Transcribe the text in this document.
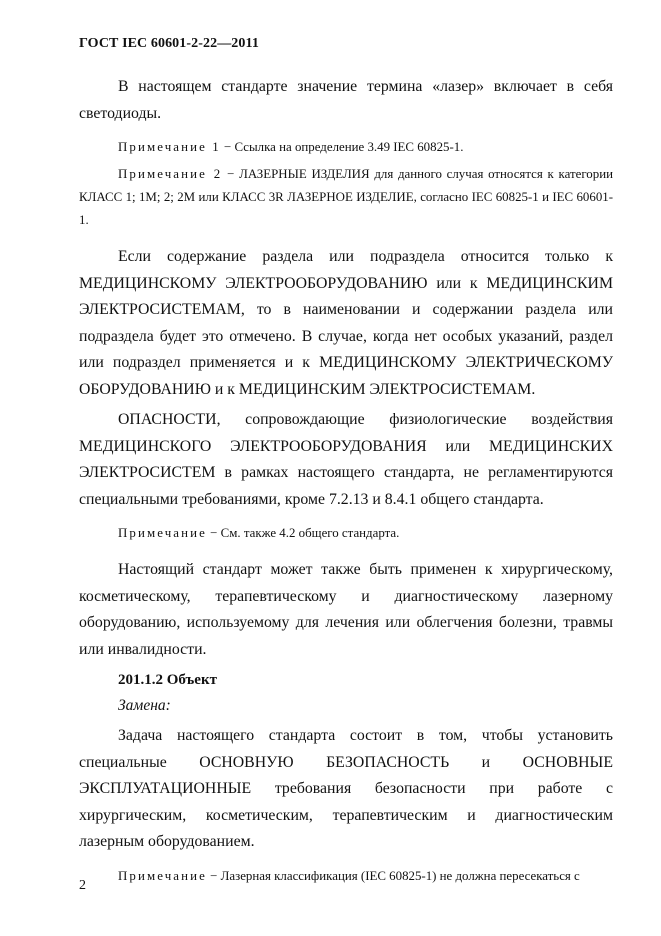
ГОСТ IEC 60601-2-22—2011

В настоящем стандарте значение термина «лазер» включает в себя светодиоды.

Примечание 1 − Ссылка на определение 3.49 IEC 60825-1.

Примечание 2 − ЛАЗЕРНЫЕ ИЗДЕЛИЯ для данного случая относятся к категории КЛАСС 1; 1М; 2; 2М или КЛАСС 3R ЛАЗЕРНОЕ ИЗДЕЛИЕ, согласно IEC 60825-1 и IEC 60601-1.

Если содержание раздела или подраздела относится только к МЕДИЦИНСКОМУ ЭЛЕКТРООБОРУДОВАНИЮ или к МЕДИЦИНСКИМ ЭЛЕКТРОСИСТЕМАМ, то в наименовании и содержании раздела или подраздела будет это отмечено. В случае, когда нет особых указаний, раздел или подраздел применяется и к МЕДИЦИНСКОМУ ЭЛЕКТРИЧЕСКОМУ ОБОРУДОВАНИЮ и к МЕДИЦИНСКИМ ЭЛЕКТРОСИСТЕМАМ.

ОПАСНОСТИ, сопровождающие физиологические воздействия МЕДИЦИНСКОГО ЭЛЕКТРООБОРУДОВАНИЯ или МЕДИЦИНСКИХ ЭЛЕКТРОСИСТЕМ в рамках настоящего стандарта, не регламентируются специальными требованиями, кроме 7.2.13 и 8.4.1 общего стандарта.

Примечание − См. также 4.2 общего стандарта.

Настоящий стандарт может также быть применен к хирургическому, косметическому, терапевтическому и диагностическому лазерному оборудованию, используемому для лечения или облегчения болезни, травмы или инвалидности.

201.1.2 Объект
Замена:

Задача настоящего стандарта состоит в том, чтобы установить специальные ОСНОВНУЮ БЕЗОПАСНОСТЬ и ОСНОВНЫЕ ЭКСПЛУАТАЦИОННЫЕ требования безопасности при работе с хирургическим, косметическим, терапевтическим и диагностическим лазерным оборудованием.

Примечание − Лазерная классификация (IEC 60825-1) не должна пересекаться с

2
